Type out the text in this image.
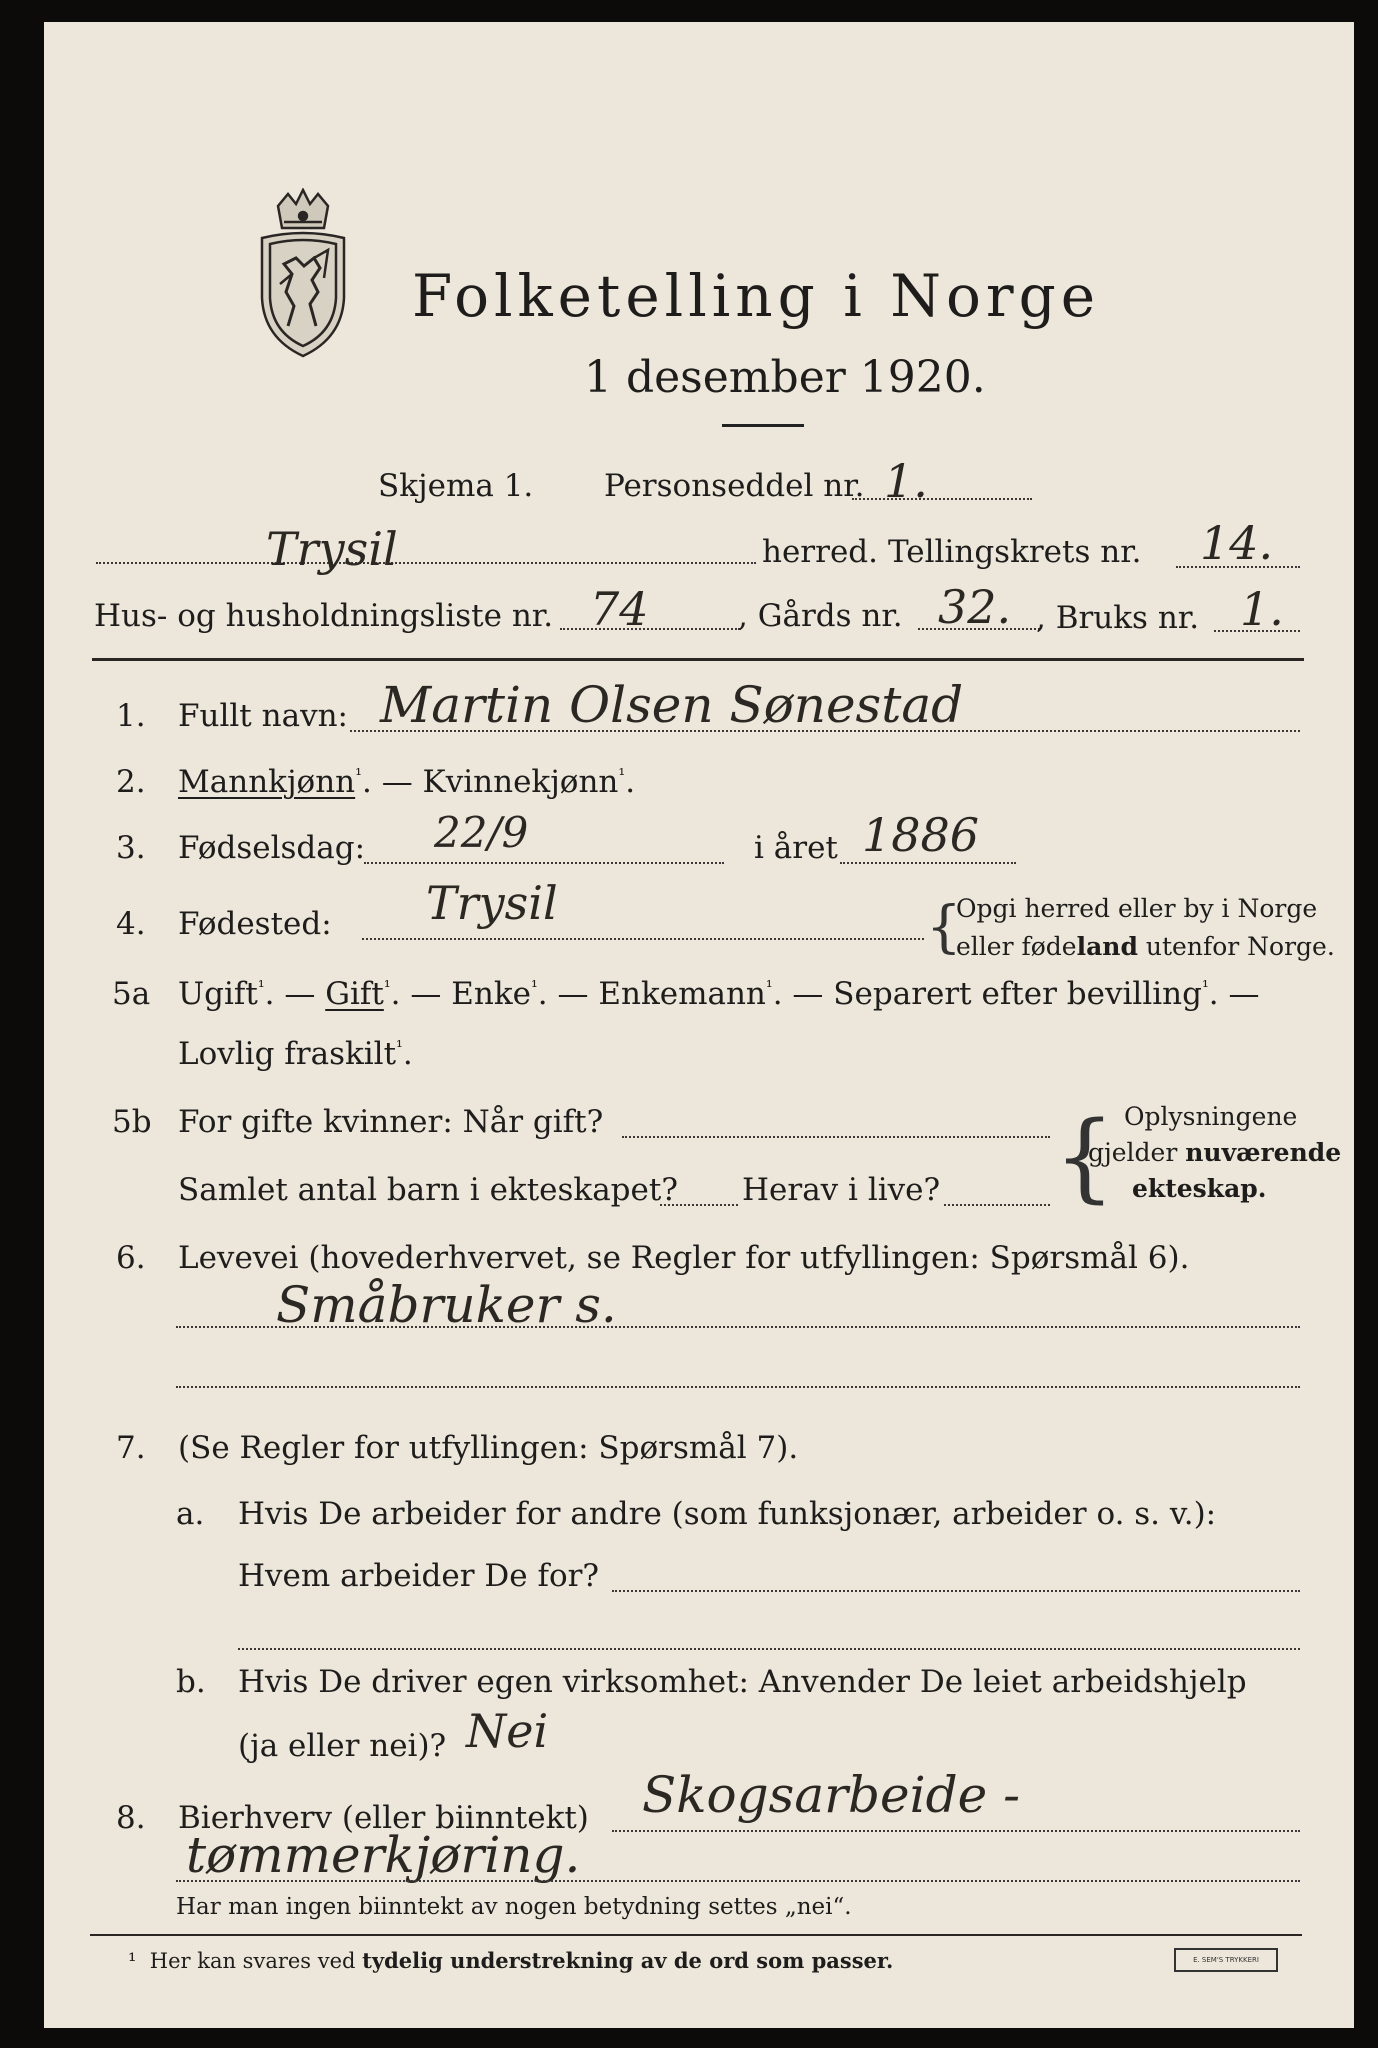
Folketelling i Norge
1 desember 1920.
Skjema 1. Personseddel nr. 1.
Trysil	herred. Tellingskrets nr. 14.
Hus- og husholdningsliste nr. 74	, Gårds nr. 32. , Bruks nr. 1.
1. Fullt navn: Martin Olsen Sønestad
2. Mannkjønn$^{^1}$. — Kvinnekjønn$^{^1}$.
3. Fødselsdag: 22/9	i året 1886
4. Fødested: Trysil	{
Opgi herred eller by i Norge
eller fødeland utenfor Norge.
5a Ugift$^{^1}$. — Gift$^{^1}$. — Enke$^{^1}$. — Enkemann$^{^1}$. — Separert efter bevilling$^{^1}$. —
Lovlig fraskilt$^{^1}$.
5b For gifte kvinner: Når gift?
Samlet antal barn i ekteskapet? Herav i live? { Oplysningene
gjelder nuværende
ekteskap.
6. Levevei (hovederhvervet, se Regler for utfyllingen: Spørsmål 6).
Småbruker s.
7. (Se Regler for utfyllingen: Spørsmål 7).
a. Hvis De arbeider for andre (som funksjonær, arbeider o. s. v.):
Hvem arbeider De for?
b. Hvis De driver egen virksomhet: Anvender De leiet arbeidshjelp
(ja eller nei)? Nei
8. Bierhverv (eller biinntekt) Skogsarbeide -
tømmerkjøring.
Har man ingen biinntekt av nogen betydning settes „nei“.
¹ Her kan svares ved tydelig understrekning av de ord som passer.	E. SEM'S TRYKKERI
